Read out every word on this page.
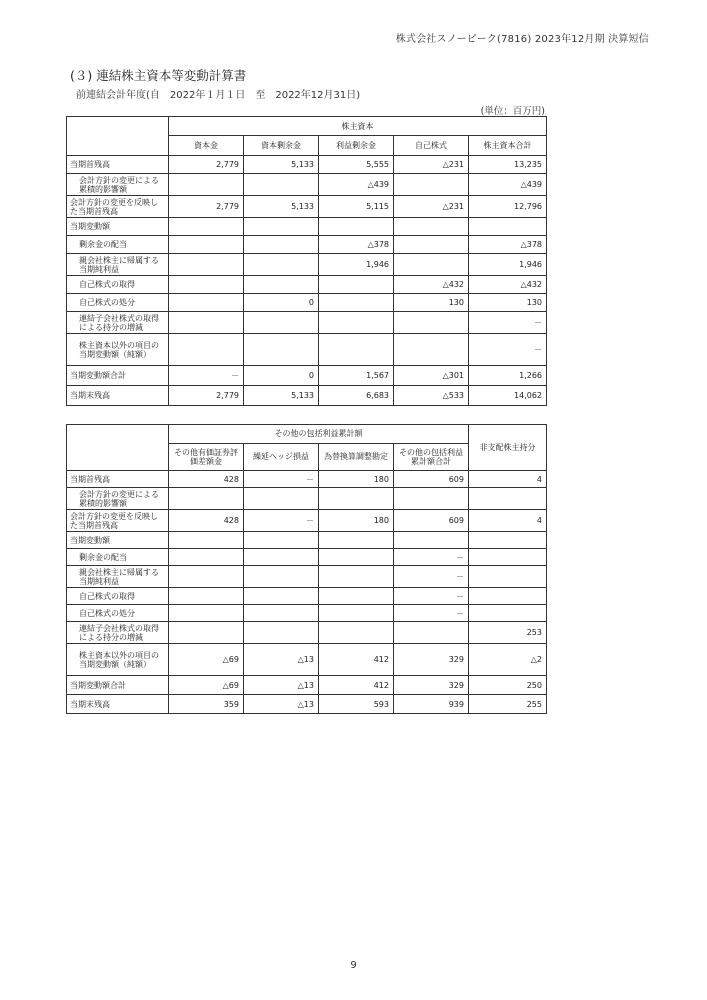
株式会社スノーピーク(7816) 2023年12月期 決算短信
(３) 連結株主資本等変動計算書
前連結会計年度(自　2022年１月１日　至　2022年12月31日)
(単位：百万円)
	株主資本				
	資本金	資本剰余金	利益剰余金	自己株式	株主資本合計
当期首残高	2,779	5,133	5,555	△231	13,235
会計方針の変更による累積的影響額			△439		△439
会計方針の変更を反映した当期首残高	2,779	5,133	5,115	△231	12,796
当期変動額					
剰余金の配当			△378		△378
親会社株主に帰属する当期純利益			1,946		1,946
自己株式の取得				△432	△432
自己株式の処分		0		130	130
連結子会社株式の取得による持分の増減					－
株主資本以外の項目の当期変動額（純額）					－
当期変動額合計	－	0	1,567	△301	1,266
当期末残高	2,779	5,133	6,683	△533	14,062
	その他の包括利益累計額				非支配株主持分	
	その他有価証券評価差額金	繰延ヘッジ損益	為替換算調整勘定	その他の包括利益累計額合計		
当期首残高	428	－	180	609	4	
会計方針の変更による累積的影響額						
会計方針の変更を反映した当期首残高	428	－	180	609	4	
当期変動額						
剰余金の配当				－		
親会社株主に帰属する当期純利益				－		
自己株式の取得				－		
自己株式の処分				－		
連結子会社株式の取得による持分の増減					253	
株主資本以外の項目の当期変動額（純額）	△69	△13	412	329	△2	
当期変動額合計	△69	△13	412	329	250	
当期末残高	359	△13	593	939	255	
9
